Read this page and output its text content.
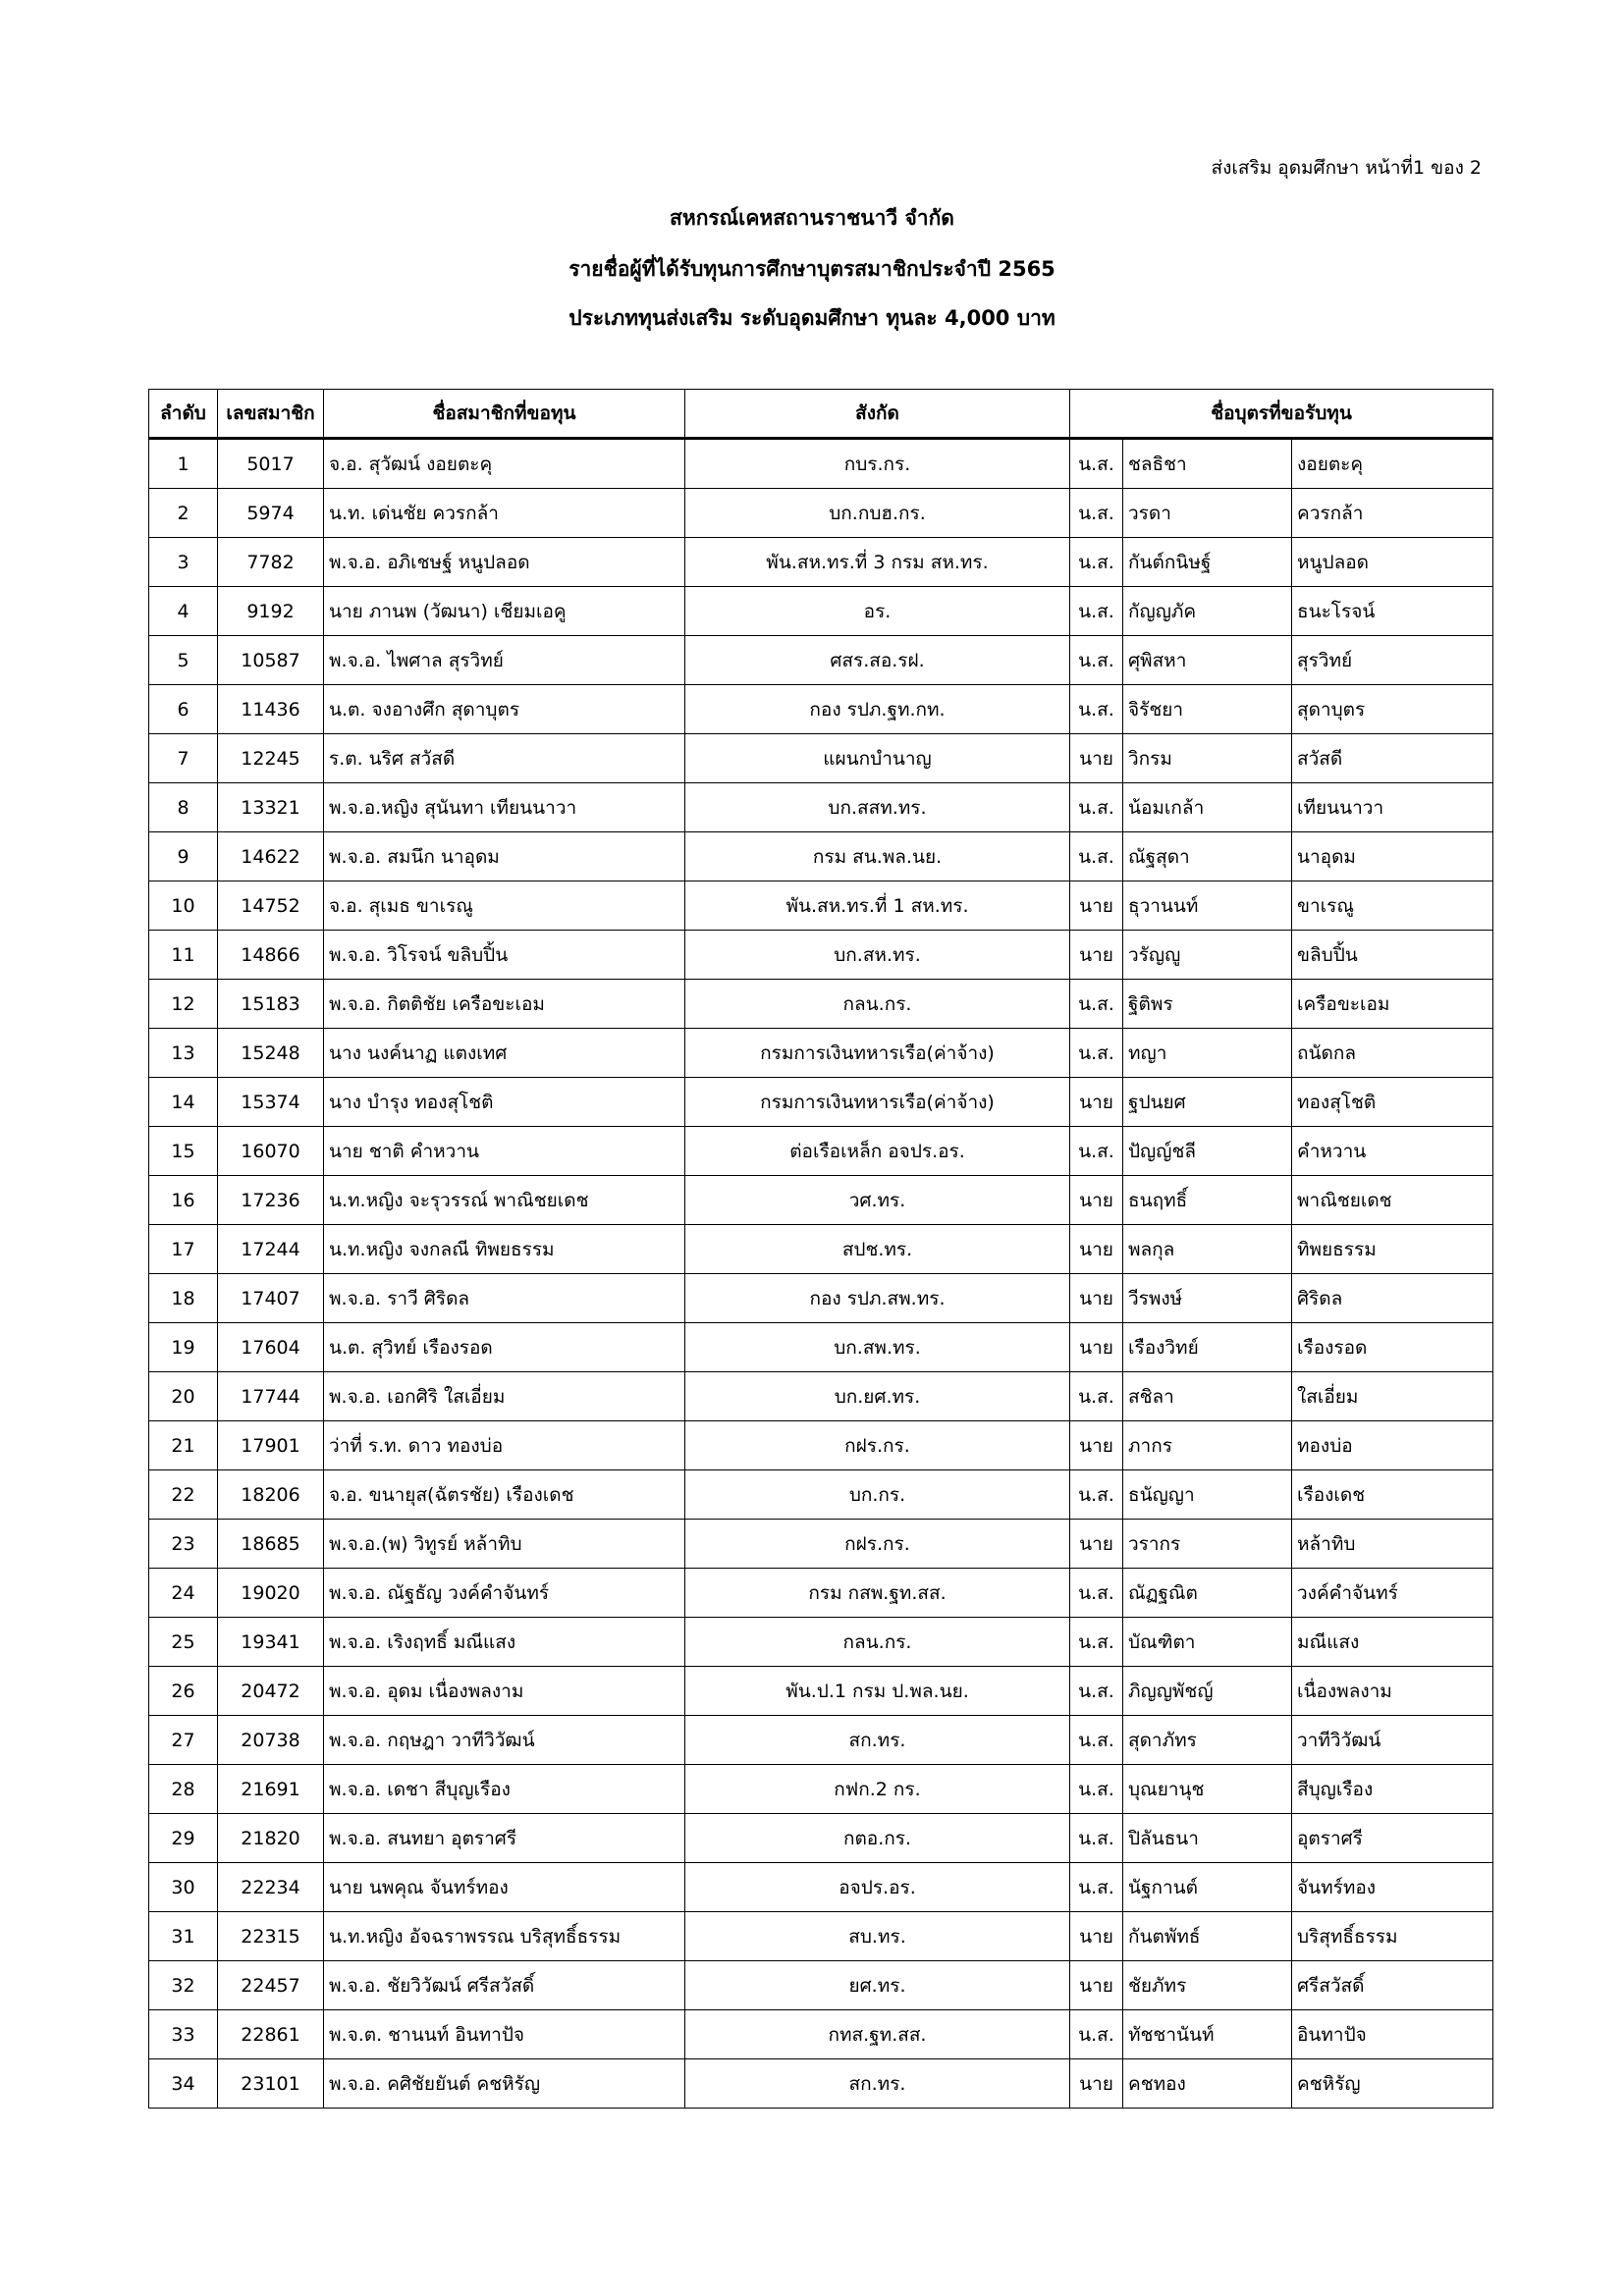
ส่งเสริม อุดมศึกษา หน้าที่1 ของ 2
สหกรณ์เคหสถานราชนาวี จำกัด
รายชื่อผู้ที่ได้รับทุนการศึกษาบุตรสมาชิกประจำปี 2565
ประเภททุนส่งเสริม ระดับอุดมศึกษา ทุนละ 4,000 บาท
ลำดับ	เลขสมาชิก	ชื่อสมาชิกที่ขอทุน	สังกัด	ชื่อบุตรที่ขอรับทุน		
1	5017	จ.อ. สุวัฒน์ งอยตะคุ	กบร.กร.	น.ส.	ชลธิชา	งอยตะคุ
2	5974	น.ท. เด่นชัย ควรกล้า	บก.กบฮ.กร.	น.ส.	วรดา	ควรกล้า
3	7782	พ.จ.อ. อภิเชษฐ์ หนูปลอด	พัน.สห.ทร.ที่ 3 กรม สห.ทร.	น.ส.	กันต์กนิษฐ์	หนูปลอด
4	9192	นาย ภานพ (วัฒนา) เชียมเอคู	อร.	น.ส.	กัญญภัค	ธนะโรจน์
5	10587	พ.จ.อ. ไพศาล สุรวิทย์	ศสร.สอ.รฝ.	น.ส.	ศุพิสหา	สุรวิทย์
6	11436	น.ต. จงอางศึก สุดาบุตร	กอง รปภ.ฐท.กท.	น.ส.	จิรัชยา	สุดาบุตร
7	12245	ร.ต. นริศ สวัสดี	แผนกบำนาญ	นาย	วิกรม	สวัสดี
8	13321	พ.จ.อ.หญิง สุนันทา เทียนนาวา	บก.สสท.ทร.	น.ส.	น้อมเกล้า	เทียนนาวา
9	14622	พ.จ.อ. สมนึก นาอุดม	กรม สน.พล.นย.	น.ส.	ณัฐสุดา	นาอุดม
10	14752	จ.อ. สุเมธ ขาเรณู	พัน.สห.ทร.ที่ 1 สห.ทร.	นาย	ธุวานนท์	ขาเรณู
11	14866	พ.จ.อ. วิโรจน์ ขลิบปิ้น	บก.สห.ทร.	นาย	วรัญญู	ขลิบปิ้น
12	15183	พ.จ.อ. กิตติชัย เครือขะเอม	กลน.กร.	น.ส.	ฐิติพร	เครือขะเอม
13	15248	นาง นงค์นาฏ แตงเทศ	กรมการเงินทหารเรือ(ค่าจ้าง)	น.ส.	ทญา	ถนัดกล
14	15374	นาง บำรุง ทองสุโชติ	กรมการเงินทหารเรือ(ค่าจ้าง)	นาย	ฐปนยศ	ทองสุโชติ
15	16070	นาย ชาติ คำหวาน	ต่อเรือเหล็ก อจปร.อร.	น.ส.	ปัญญ์ชลี	คำหวาน
16	17236	น.ท.หญิง จะรุวรรณ์ พาณิชยเดช	วศ.ทร.	นาย	ธนฤทธิ์	พาณิชยเดช
17	17244	น.ท.หญิง จงกลณี ทิพยธรรม	สปช.ทร.	นาย	พลกุล	ทิพยธรรม
18	17407	พ.จ.อ. ราวี ศิริดล	กอง รปภ.สพ.ทร.	นาย	วีรพงษ์	ศิริดล
19	17604	น.ต. สุวิทย์ เรืองรอด	บก.สพ.ทร.	นาย	เรืองวิทย์	เรืองรอด
20	17744	พ.จ.อ. เอกศิริ ใสเอี่ยม	บก.ยศ.ทร.	น.ส.	สชิลา	ใสเอี่ยม
21	17901	ว่าที่ ร.ท. ดาว ทองบ่อ	กฝร.กร.	นาย	ภากร	ทองบ่อ
22	18206	จ.อ. ขนายุส(ฉัตรชัย) เรืองเดช	บก.กร.	น.ส.	ธนัญญา	เรืองเดช
23	18685	พ.จ.อ.(พ) วิทูรย์ หล้าทิบ	กฝร.กร.	นาย	วรากร	หล้าทิบ
24	19020	พ.จ.อ. ณัฐธัญ วงค์คำจันทร์	กรม กสพ.ฐท.สส.	น.ส.	ณัฏฐณิต	วงค์คำจันทร์
25	19341	พ.จ.อ. เริงฤทธิ์ มณีแสง	กลน.กร.	น.ส.	บัณฑิตา	มณีแสง
26	20472	พ.จ.อ. อุดม เนื่องพลงาม	พัน.ป.1 กรม ป.พล.นย.	น.ส.	ภิญญพัชญ์	เนื่องพลงาม
27	20738	พ.จ.อ. กฤษฎา วาทีวิวัฒน์	สก.ทร.	น.ส.	สุดาภัทร	วาทีวิวัฒน์
28	21691	พ.จ.อ. เดชา สีบุญเรือง	กฟก.2 กร.	น.ส.	บุณยานุช	สีบุญเรือง
29	21820	พ.จ.อ. สนทยา อุตราศรี	กตอ.กร.	น.ส.	ปิลันธนา	อุตราศรี
30	22234	นาย นพคุณ จันทร์ทอง	อจปร.อร.	น.ส.	นัฐกานต์	จันทร์ทอง
31	22315	น.ท.หญิง อัจฉราพรรณ บริสุทธิ์ธรรม	สบ.ทร.	นาย	กันตพัทธ์	บริสุทธิ์ธรรม
32	22457	พ.จ.อ. ชัยวิวัฒน์ ศรีสวัสดิ์	ยศ.ทร.	นาย	ชัยภัทร	ศรีสวัสดิ์
33	22861	พ.จ.ต. ชานนท์ อินทาปัจ	กทส.ฐท.สส.	น.ส.	ทัชชานันท์	อินทาปัจ
34	23101	พ.จ.อ. คศิชัยยันต์ คชหิรัญ	สก.ทร.	นาย	คชทอง	คชหิรัญ
